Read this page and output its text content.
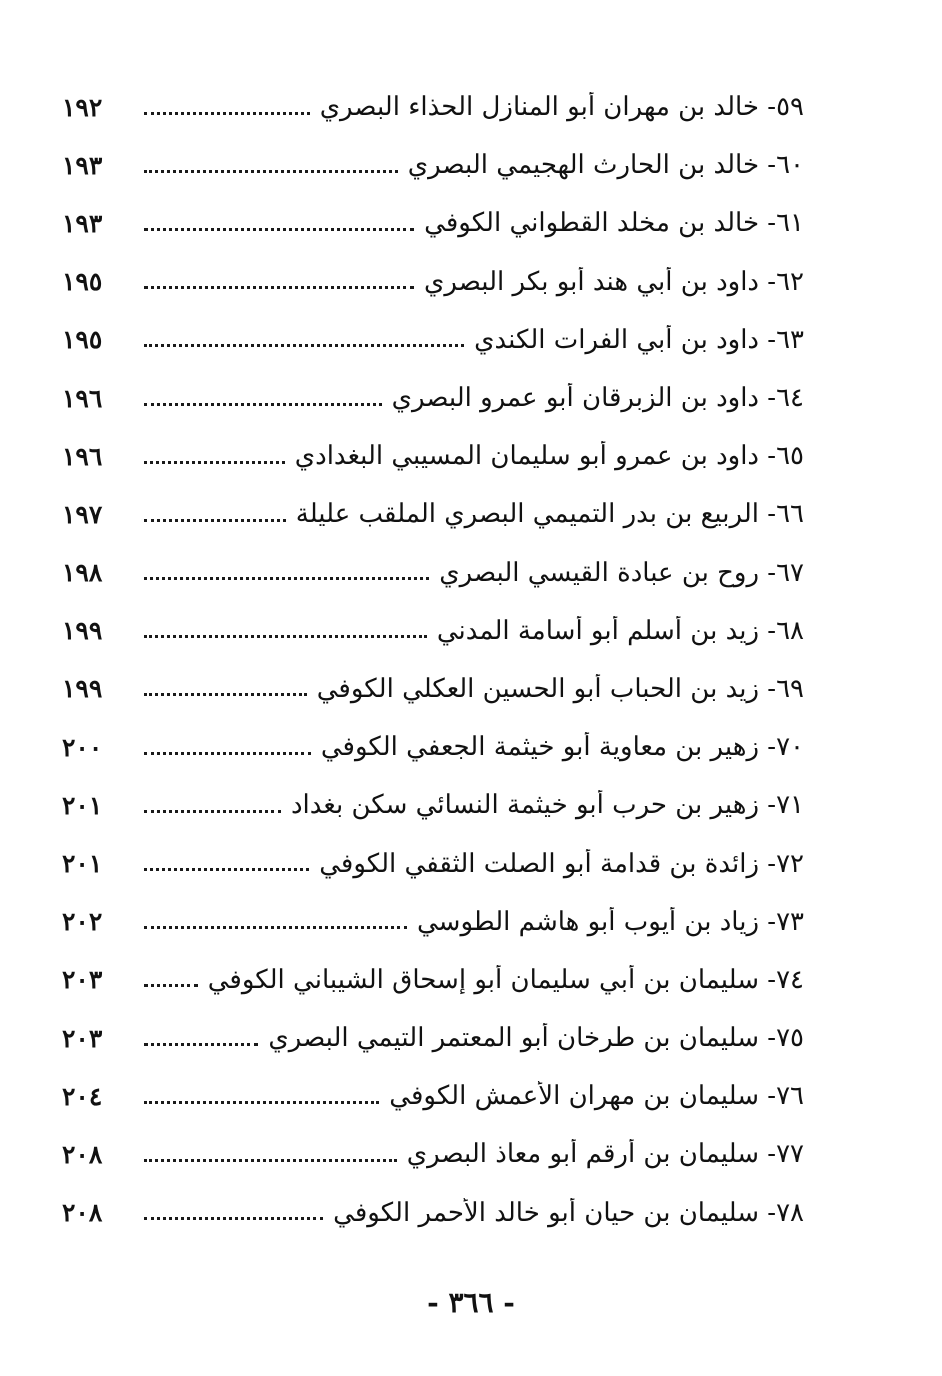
١٩٢	٥٩- خالد بن مهران أبو المنازل الحذاء البصري
١٩٣	٦٠- خالد بن الحارث الهجيمي البصري
١٩٣	٦١- خالد بن مخلد القطواني الكوفي
١٩٥	٦٢- داود بن أبي هند أبو بكر البصري
١٩٥	٦٣- داود بن أبي الفرات الكندي
١٩٦	٦٤- داود بن الزبرقان أبو عمرو البصري
١٩٦	٦٥- داود بن عمرو أبو سليمان المسيبي البغدادي
١٩٧	٦٦- الربيع بن بدر التميمي البصري الملقب عليلة
١٩٨	٦٧- روح بن عبادة القيسي البصري
١٩٩	٦٨- زيد بن أسلم أبو أسامة المدني
١٩٩	٦٩- زيد بن الحباب أبو الحسين العكلي الكوفي
٢٠٠	٧٠- زهير بن معاوية أبو خيثمة الجعفي الكوفي
٢٠١	٧١- زهير بن حرب أبو خيثمة النسائي سكن بغداد
٢٠١	٧٢- زائدة بن قدامة أبو الصلت الثقفي الكوفي
٢٠٢	٧٣- زياد بن أيوب أبو هاشم الطوسي
٢٠٣	٧٤- سليمان بن أبي سليمان أبو إسحاق الشيباني الكوفي
٢٠٣	٧٥- سليمان بن طرخان أبو المعتمر التيمي البصري
٢٠٤	٧٦- سليمان بن مهران الأعمش الكوفي
٢٠٨	٧٧- سليمان بن أرقم أبو معاذ البصري
٢٠٨	٧٨- سليمان بن حيان أبو خالد الأحمر الكوفي
- ٣٦٦ -
